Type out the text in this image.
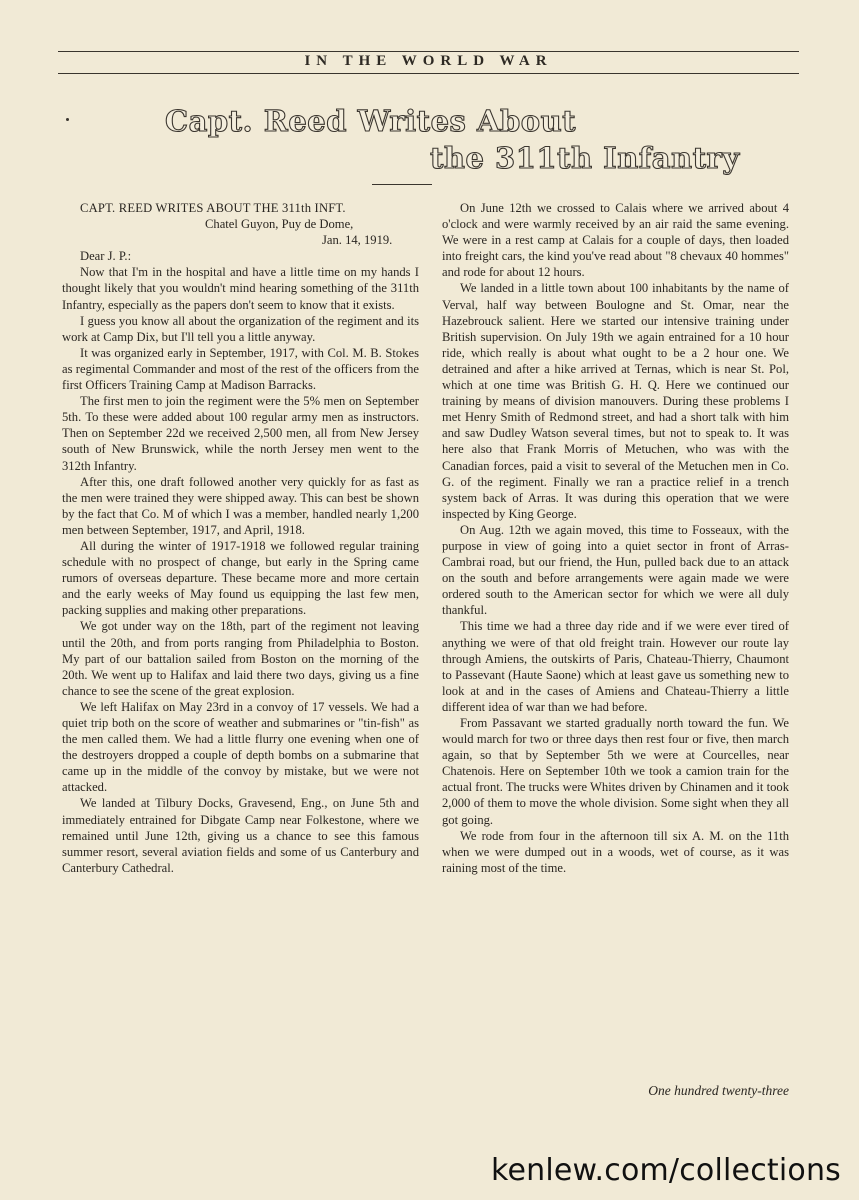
IN THE WORLD WAR
Capt. Reed Writes About
the 311th Infantry

CAPT. REED WRITES ABOUT THE 311th INFT.

Chatel Guyon, Puy de Dome,

Jan. 14, 1919.

Dear J. P.:

Now that I'm in the hospital and have a little time on my hands I thought likely that you wouldn't mind hearing something of the 311th Infantry, especially as the papers don't seem to know that it exists.

I guess you know all about the organization of the regiment and its work at Camp Dix, but I'll tell you a little anyway.

It was organized early in September, 1917, with Col. M. B. Stokes as regimental Commander and most of the rest of the officers from the first Officers Training Camp at Madison Barracks.

The first men to join the regiment were the 5% men on September 5th. To these were added about 100 regular army men as instructors. Then on September 22d we received 2,500 men, all from New Jersey south of New Brunswick, while the north Jersey men went to the 312th Infantry.

After this, one draft followed another very quickly for as fast as the men were trained they were shipped away. This can best be shown by the fact that Co. M of which I was a member, handled nearly 1,200 men between September, 1917, and April, 1918.

All during the winter of 1917-1918 we followed regular training schedule with no prospect of change, but early in the Spring came rumors of overseas departure. These became more and more certain and the early weeks of May found us equipping the last few men, packing supplies and making other preparations.

We got under way on the 18th, part of the regiment not leaving until the 20th, and from ports ranging from Philadelphia to Boston. My part of our battalion sailed from Boston on the morning of the 20th. We went up to Halifax and laid there two days, giving us a fine chance to see the scene of the great explosion.

We left Halifax on May 23rd in a convoy of 17 vessels. We had a quiet trip both on the score of weather and submarines or "tin-fish" as the men called them. We had a little flurry one evening when one of the destroyers dropped a couple of depth bombs on a submarine that came up in the middle of the convoy by mistake, but we were not attacked.

We landed at Tilbury Docks, Gravesend, Eng., on June 5th and immediately entrained for Dibgate Camp near Folkestone, where we remained until June 12th, giving us a chance to see this famous summer resort, several aviation fields and some of us Canterbury and Canterbury Cathedral.

On June 12th we crossed to Calais where we arrived about 4 o'clock and were warmly received by an air raid the same evening. We were in a rest camp at Calais for a couple of days, then loaded into freight cars, the kind you've read about "8 chevaux 40 hommes" and rode for about 12 hours.

We landed in a little town about 100 inhabitants by the name of Verval, half way between Boulogne and St. Omar, near the Hazebrouck salient. Here we started our intensive training under British supervision. On July 19th we again entrained for a 10 hour ride, which really is about what ought to be a 2 hour one. We detrained and after a hike arrived at Ternas, which is near St. Pol, which at one time was British G. H. Q. Here we continued our training by means of division manouvers. During these problems I met Henry Smith of Redmond street, and had a short talk with him and saw Dudley Watson several times, but not to speak to. It was here also that Frank Morris of Metuchen, who was with the Canadian forces, paid a visit to several of the Metuchen men in Co. G. of the regiment. Finally we ran a practice relief in a trench system back of Arras. It was during this operation that we were inspected by King George.

On Aug. 12th we again moved, this time to Fosseaux, with the purpose in view of going into a quiet sector in front of Arras-Cambrai road, but our friend, the Hun, pulled back due to an attack on the south and before arrangements were again made we were ordered south to the American sector for which we were all duly thankful.

This time we had a three day ride and if we were ever tired of anything we were of that old freight train. However our route lay through Amiens, the outskirts of Paris, Chateau-Thierry, Chaumont to Passevant (Haute Saone) which at least gave us something new to look at and in the cases of Amiens and Chateau-Thierry a little different idea of war than we had before.

From Passavant we started gradually north toward the fun. We would march for two or three days then rest four or five, then march again, so that by September 5th we were at Courcelles, near Chatenois. Here on September 10th we took a camion train for the actual front. The trucks were Whites driven by Chinamen and it took 2,000 of them to move the whole division. Some sight when they all got going.

We rode from four in the afternoon till six A. M. on the 11th when we were dumped out in a woods, wet of course, as it was raining most of the time.

One hundred twenty-three
kenlew.com/collections
